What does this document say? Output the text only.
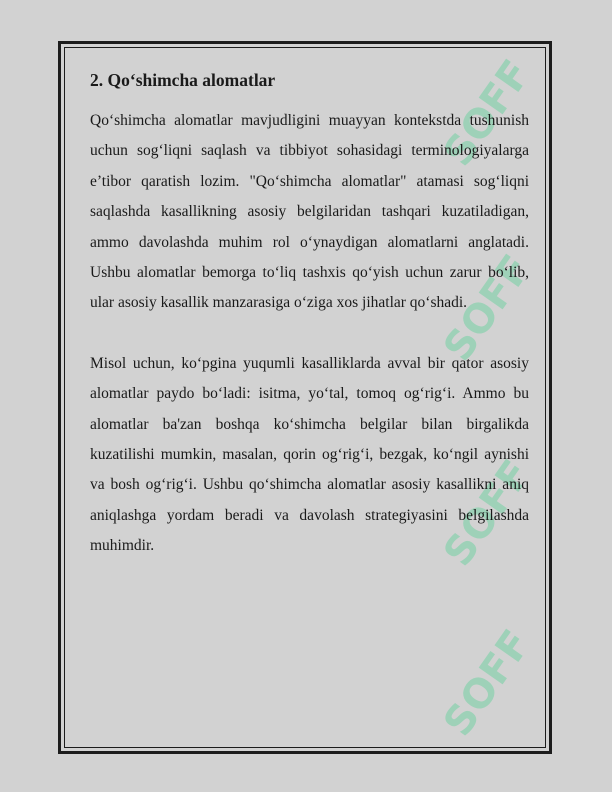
SOFF
SOFF
SOFF
SOFF
2. Qo‘shimcha alomatlar

Qo‘shimcha alomatlar mavjudligini muayyan kontekstda tushunish uchun sog‘liqni saqlash va tibbiyot sohasidagi terminologiyalarga e’tibor qaratish lozim. "Qo‘shimcha alomatlar" atamasi sog‘liqni saqlashda kasallikning asosiy belgilaridan tashqari kuzatiladigan, ammo davolashda muhim rol o‘ynaydigan alomatlarni anglatadi. Ushbu alomatlar bemorga to‘liq tashxis qo‘yish uchun zarur bo‘lib, ular asosiy kasallik manzarasiga o‘ziga xos jihatlar qo‘shadi.

Misol uchun, ko‘pgina yuqumli kasalliklarda avval bir qator asosiy alomatlar paydo bo‘ladi: isitma, yo‘tal, tomoq og‘rig‘i. Ammo bu alomatlar ba'zan boshqa ko‘shimcha belgilar bilan birgalikda kuzatilishi mumkin, masalan, qorin og‘rig‘i, bezgak, ko‘ngil aynishi va bosh og‘rig‘i. Ushbu qo‘shimcha alomatlar asosiy kasallikni aniq aniqlashga yordam beradi va davolash strategiyasini belgilashda muhimdir.
